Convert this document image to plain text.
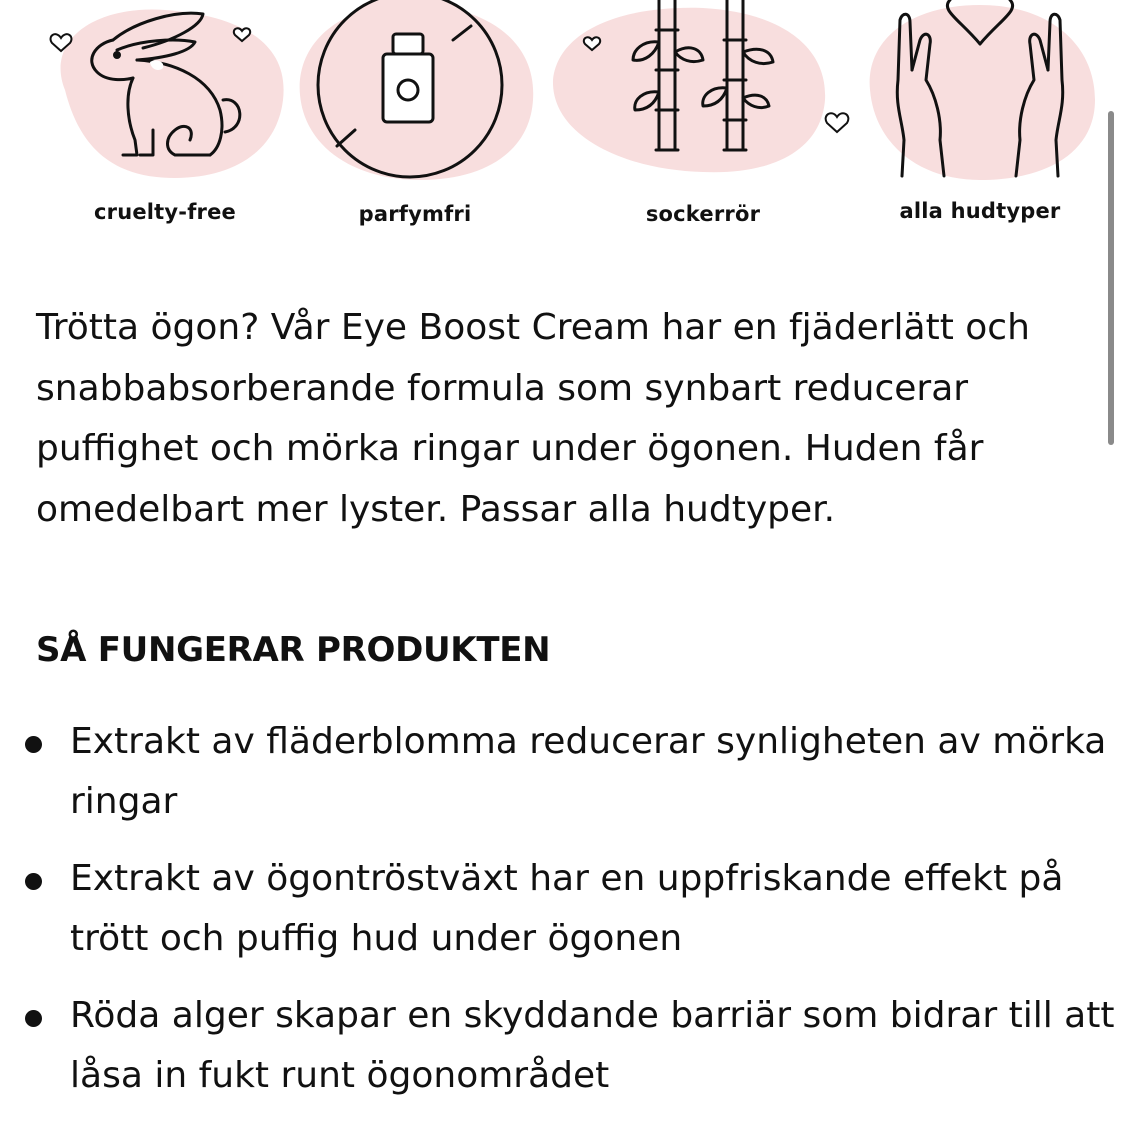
cruelty-free	parfymfri	sockerrör	alla hudtyper

Trötta ögon? Vår Eye Boost Cream har en fjäderlätt och snabbabsorberande formula som synbart reducerar puffighet och mörka ringar under ögonen. Huden får omedelbart mer lyster. Passar alla hudtyper.

SÅ FUNGERAR PRODUKTEN
Extrakt av fläderblomma reducerar synligheten av mörka ringar
Extrakt av ögontröstväxt har en uppfriskande effekt på trött och puffig hud under ögonen
Röda alger skapar en skyddande barriär som bidrar till att låsa in fukt runt ögonområdet
